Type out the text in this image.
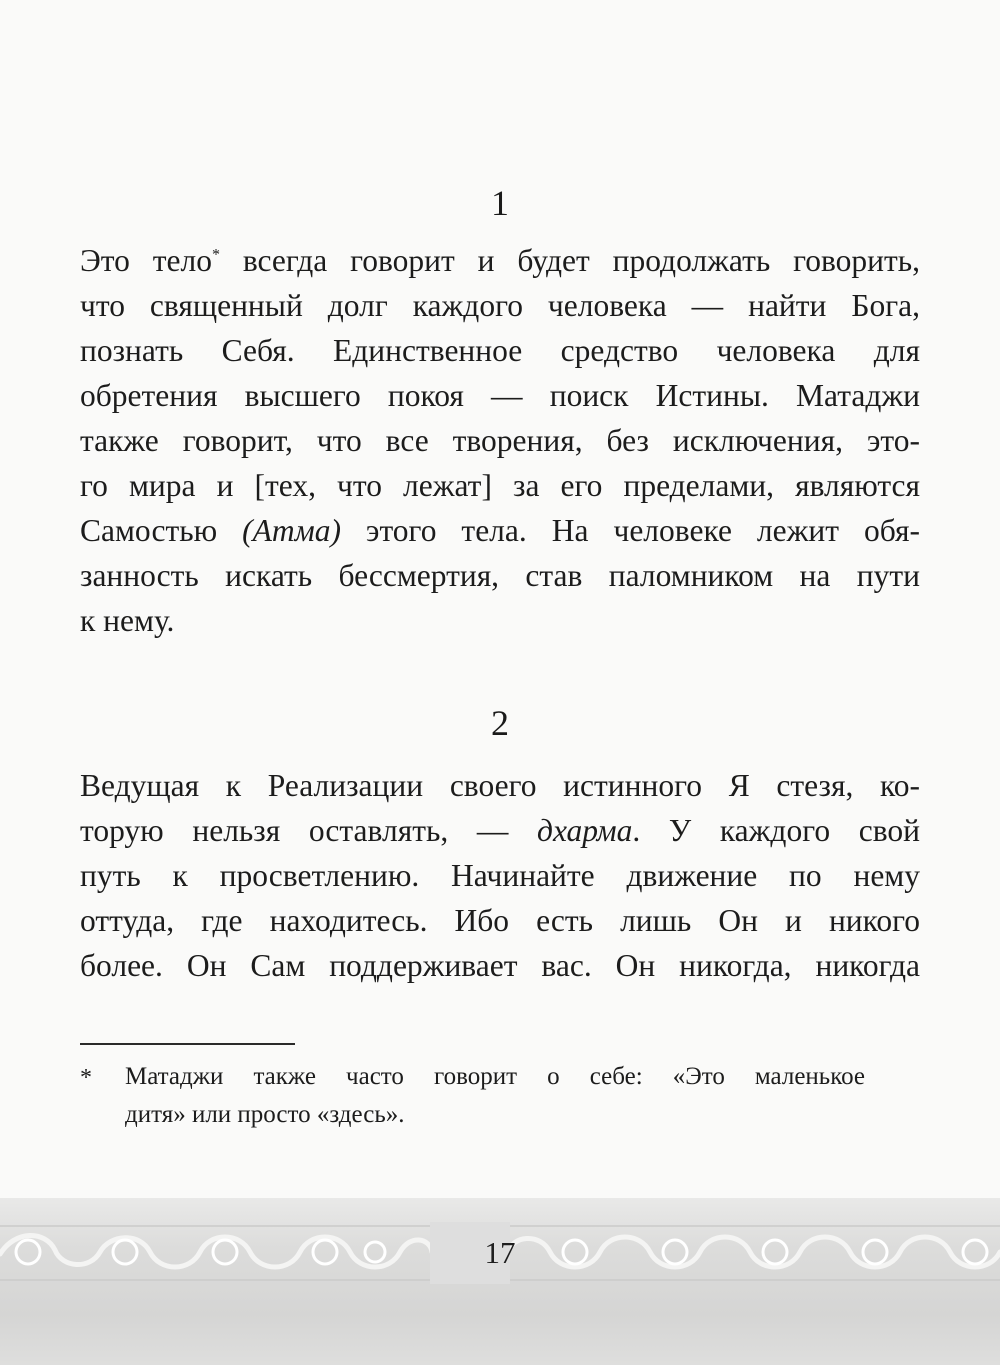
1
Это тело* всегда говорит и будет продолжать говорить,
что священный долг каждого человека — найти Бога,
познать Себя. Единственное средство человека для
обретения высшего покоя — поиск Истины. Матаджи
также говорит, что все творения, без исключения, это-
го мира и [тех, что лежат] за его пределами, являются
Самостью (Атма) этого тела. На человеке лежит обя-
занность искать бессмертия, став паломником на пути
к нему.
2
Ведущая к Реализации своего истинного Я стезя, ко-
торую нельзя оставлять, — дхарма. У каждого свой
путь к просветлению. Начинайте движение по нему
оттуда, где находитесь. Ибо есть лишь Он и никого
более. Он Сам поддерживает вас. Он никогда, никогда
* Матаджи также часто говорит о себе: «Это маленькое
дитя» или просто «здесь».
17
